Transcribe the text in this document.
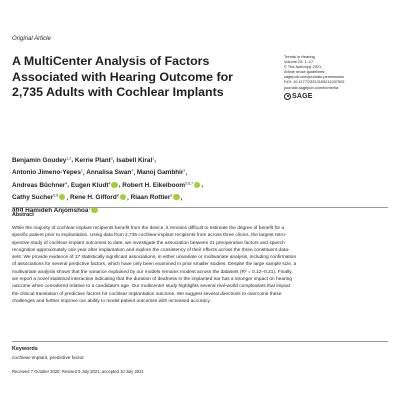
Original Article
A MultiCenter Analysis of Factors
Associated with Hearing Outcome for
2,735 Adults with Cochlear Implants
Trends in Hearing
Volume 25: 1–17
© The Author(s) 2021
Article reuse guidelines:
sagepub.com/journals-permissions
DOI: 10.1177/23312165211037525
journals.sagepub.com/home/tia
SAGE
Benjamin Goudey$^{1,2}$, Kerrie Plant$^3$, Isabell Kiral$^1$,
Antonio Jimeno-Yepes$^1$, Annalisa Swan$^1$, Manoj Gambhir$^1$,
Andreas Büchner$^4$, Eugen Kludt$^4$ , Robert H. Eikelboom$^{5,6,7}$ ,
Cathy Sucher$^{5,6}$ , Rene H. Gifford$^8$ , Riaan Rottier$^9$ ,
and Hamideh Anjomshoa$^1$
Abstract
While the majority of cochlear implant recipients benefit from the device, it remains difficult to estimate the degree of benefit for a
specific patient prior to implantation. Using data from 2,735 cochlear-implant recipients from across three clinics, the largest retro-
spective study of cochlear-implant outcomes to date, we investigate the association between 21 preoperative factors and speech
recognition approximately one year after implantation and explore the consistency of their effects across the three constituent data-
sets. We provide evidence of 17 statistically significant associations, in either univariate or multivariate analysis, including confirmation
of associations for several predictive factors, which have only been examined in prior smaller studies. Despite the large sample size, a
multivariate analysis shows that the variance explained by our models remains modest across the datasets (R² = 0.12–0.21). Finally,
we report a novel statistical interaction indicating that the duration of deafness in the implanted ear has a stronger impact on hearing
outcome when considered relative to a candidate's age. Our multicenter study highlights several real-world complexities that impact
the clinical translation of predictive factors for cochlear implantation outcome. We suggest several directions to overcome these
challenges and further improve our ability to model patient outcomes with increased accuracy.
Keywords
cochlear-implant, predictive factor
Received 7 October 2020; Revised 5 July 2021; accepted 10 July 2021
